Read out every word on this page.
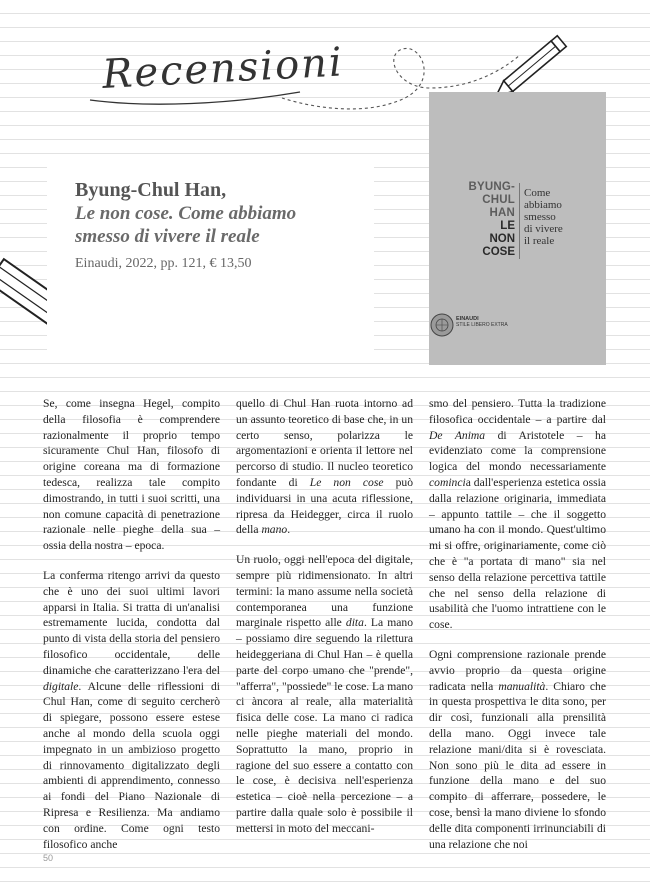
Recensioni
Byung-Chul Han,
Le non cose. Come abbiamo
smesso di vivere il reale
Einaudi, 2022, pp. 121, € 13,50
BYUNG-
CHUL
HAN
LE
NON
COSE
Come
abbiamo
smesso
di vivere
il reale
EINAUDI
STILE LIBERO EXTRA

Se, come insegna Hegel, compito della filosofia è comprendere razionalmente il proprio tempo sicuramente Chul Han, filosofo di origine coreana ma di formazione tedesca, realizza tale compito dimostrando, in tutti i suoi scritti, una non comune capacità di penetrazione razionale nelle pieghe della sua – ossia della nostra – epoca.

La conferma ritengo arrivi da questo che è uno dei suoi ultimi lavori apparsi in Italia. Si tratta di un'analisi estremamente lucida, condotta dal punto di vista della storia del pensiero filosofico occidentale, delle dinamiche che caratterizzano l'era del digitale. Alcune delle riflessioni di Chul Han, come di seguito cercherò di spiegare, possono essere estese anche al mondo della scuola oggi impegnato in un ambizioso progetto di rinnovamento digitalizzato degli ambienti di apprendimento, connesso ai fondi del Piano Nazionale di Ripresa e Resilienza. Ma andiamo con ordine. Come ogni testo filosofico anche

quello di Chul Han ruota intorno ad un assunto teoretico di base che, in un certo senso, polarizza le argomentazioni e orienta il lettore nel percorso di studio. Il nucleo teoretico fondante di Le non cose può individuarsi in una acuta riflessione, ripresa da Heidegger, circa il ruolo della mano.

Un ruolo, oggi nell'epoca del digitale, sempre più ridimensionato. In altri termini: la mano assume nella società contemporanea una funzione marginale rispetto alle dita. La mano – possiamo dire seguendo la rilettura heideggeriana di Chul Han – è quella parte del corpo umano che "prende", "afferra", "possiede" le cose. La mano ci àncora al reale, alla materialità fisica delle cose. La mano ci radica nelle pieghe materiali del mondo. Soprattutto la mano, proprio in ragione del suo essere a contatto con le cose, è decisiva nell'esperienza estetica – cioè nella percezione – a partire dalla quale solo è possibile il mettersi in moto del meccani-

smo del pensiero. Tutta la tradizione filosofica occidentale – a partire dal De Anima di Aristotele – ha evidenziato come la comprensione logica del mondo necessariamente comincia dall'esperienza estetica ossia dalla relazione originaria, immediata – appunto tattile – che il soggetto umano ha con il mondo. Quest'ultimo mi si offre, originariamente, come ciò che è "a portata di mano" sia nel senso della relazione percettiva tattile che nel senso della relazione di usabilità che l'uomo intrattiene con le cose.

Ogni comprensione razionale prende avvio proprio da questa origine radicata nella manualità. Chiaro che in questa prospettiva le dita sono, per dir così, funzionali alla prensilità della mano. Oggi invece tale relazione mani/dita si è rovesciata. Non sono più le dita ad essere in funzione della mano e del suo compito di afferrare, possedere, le cose, bensì la mano diviene lo sfondo delle dita componenti irrinunciabili di una relazione che noi

50
